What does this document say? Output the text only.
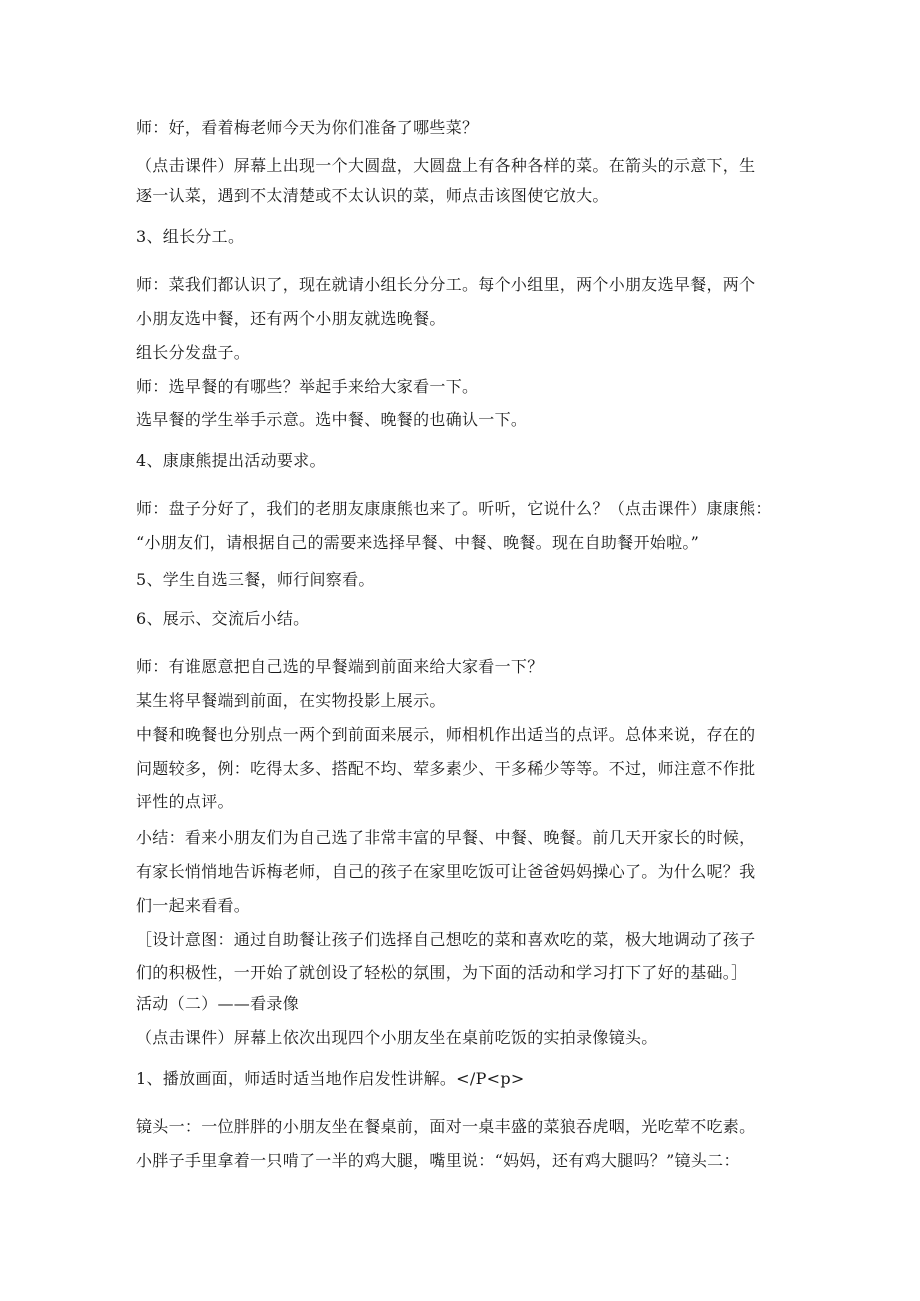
师：好，看着梅老师今天为你们准备了哪些菜？
（点击课件）屏幕上出现一个大圆盘，大圆盘上有各种各样的菜。在箭头的示意下，生
逐一认菜，遇到不太清楚或不太认识的菜，师点击该图使它放大。
3、组长分工。
师：菜我们都认识了，现在就请小组长分分工。每个小组里，两个小朋友选早餐，两个
小朋友选中餐，还有两个小朋友就选晚餐。
组长分发盘子。
师：选早餐的有哪些？举起手来给大家看一下。
选早餐的学生举手示意。选中餐、晚餐的也确认一下。
4、康康熊提出活动要求。
师：盘子分好了，我们的老朋友康康熊也来了。听听，它说什么？（点击课件）康康熊：
“小朋友们，请根据自己的需要来选择早餐、中餐、晚餐。现在自助餐开始啦。”
5、学生自选三餐，师行间察看。
6、展示、交流后小结。
师：有谁愿意把自己选的早餐端到前面来给大家看一下？
某生将早餐端到前面，在实物投影上展示。
中餐和晚餐也分别点一两个到前面来展示，师相机作出适当的点评。总体来说，存在的
问题较多，例：吃得太多、搭配不均、荤多素少、干多稀少等等。不过，师注意不作批
评性的点评。
小结：看来小朋友们为自己选了非常丰富的早餐、中餐、晚餐。前几天开家长的时候，
有家长悄悄地告诉梅老师，自己的孩子在家里吃饭可让爸爸妈妈操心了。为什么呢？我
们一起来看看。
［设计意图：通过自助餐让孩子们选择自己想吃的菜和喜欢吃的菜，极大地调动了孩子
们的积极性，一开始了就创设了轻松的氛围，为下面的活动和学习打下了好的基础。］
活动（二）——看录像
（点击课件）屏幕上依次出现四个小朋友坐在桌前吃饭的实拍录像镜头。
1、播放画面，师适时适当地作启发性讲解。</P<p>
镜头一：一位胖胖的小朋友坐在餐桌前，面对一桌丰盛的菜狼吞虎咽，光吃荤不吃素。
小胖子手里拿着一只啃了一半的鸡大腿，嘴里说：“妈妈，还有鸡大腿吗？”镜头二：
